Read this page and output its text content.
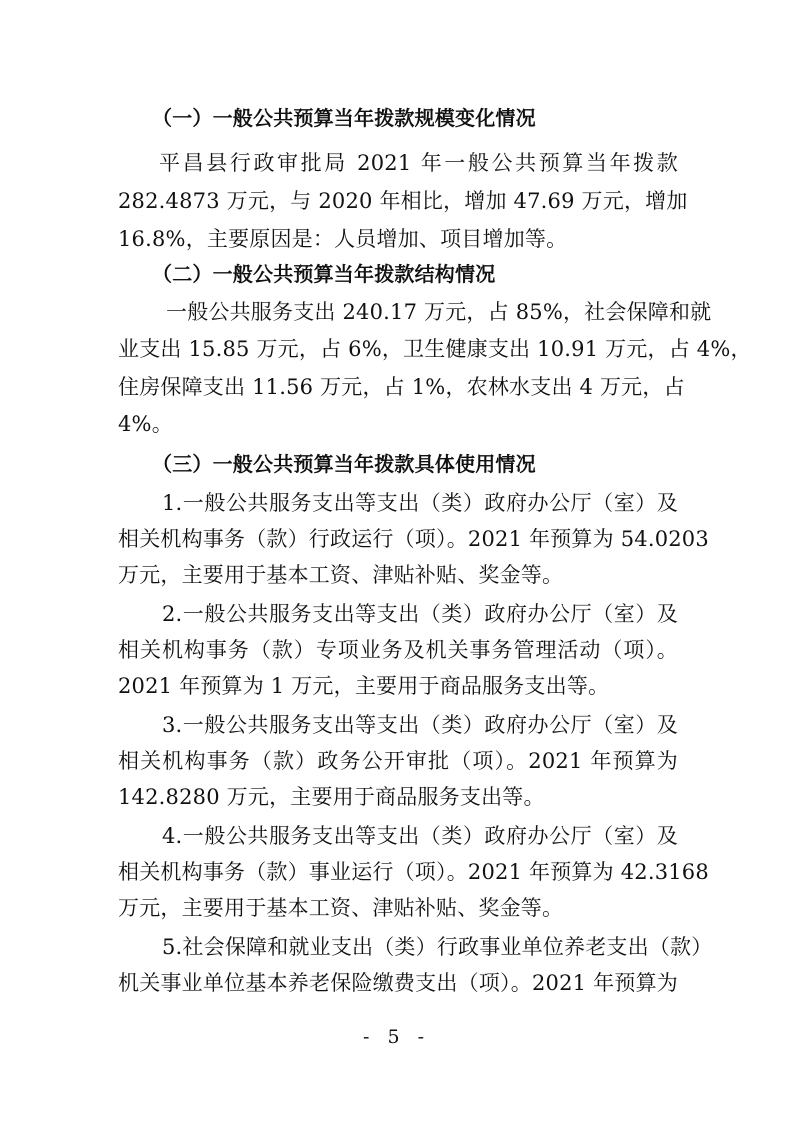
（一）一般公共预算当年拨款规模变化情况
平昌县行政审批局 2021 年一般公共预算当年拨款
282.4873 万元，与 2020 年相比，增加 47.69 万元，增加
16.8%，主要原因是：人员增加、项目增加等。
（二）一般公共预算当年拨款结构情况
一般公共服务支出 240.17 万元，占 85%，社会保障和就
业支出 15.85 万元，占 6%，卫生健康支出 10.91 万元，占 4%，
住房保障支出 11.56 万元，占 1%，农林水支出 4 万元，占
4%。
（三）一般公共预算当年拨款具体使用情况
1.一般公共服务支出等支出（类）政府办公厅（室）及
相关机构事务（款）行政运行（项）。2021 年预算为 54.0203
万元，主要用于基本工资、津贴补贴、奖金等。
2.一般公共服务支出等支出（类）政府办公厅（室）及
相关机构事务（款）专项业务及机关事务管理活动（项）。
2021 年预算为 1 万元，主要用于商品服务支出等。
3.一般公共服务支出等支出（类）政府办公厅（室）及
相关机构事务（款）政务公开审批（项）。2021 年预算为
142.8280 万元，主要用于商品服务支出等。
4.一般公共服务支出等支出（类）政府办公厅（室）及
相关机构事务（款）事业运行（项）。2021 年预算为 42.3168
万元，主要用于基本工资、津贴补贴、奖金等。
5.社会保障和就业支出（类）行政事业单位养老支出（款）
机关事业单位基本养老保险缴费支出（项）。2021 年预算为
- 5 -
